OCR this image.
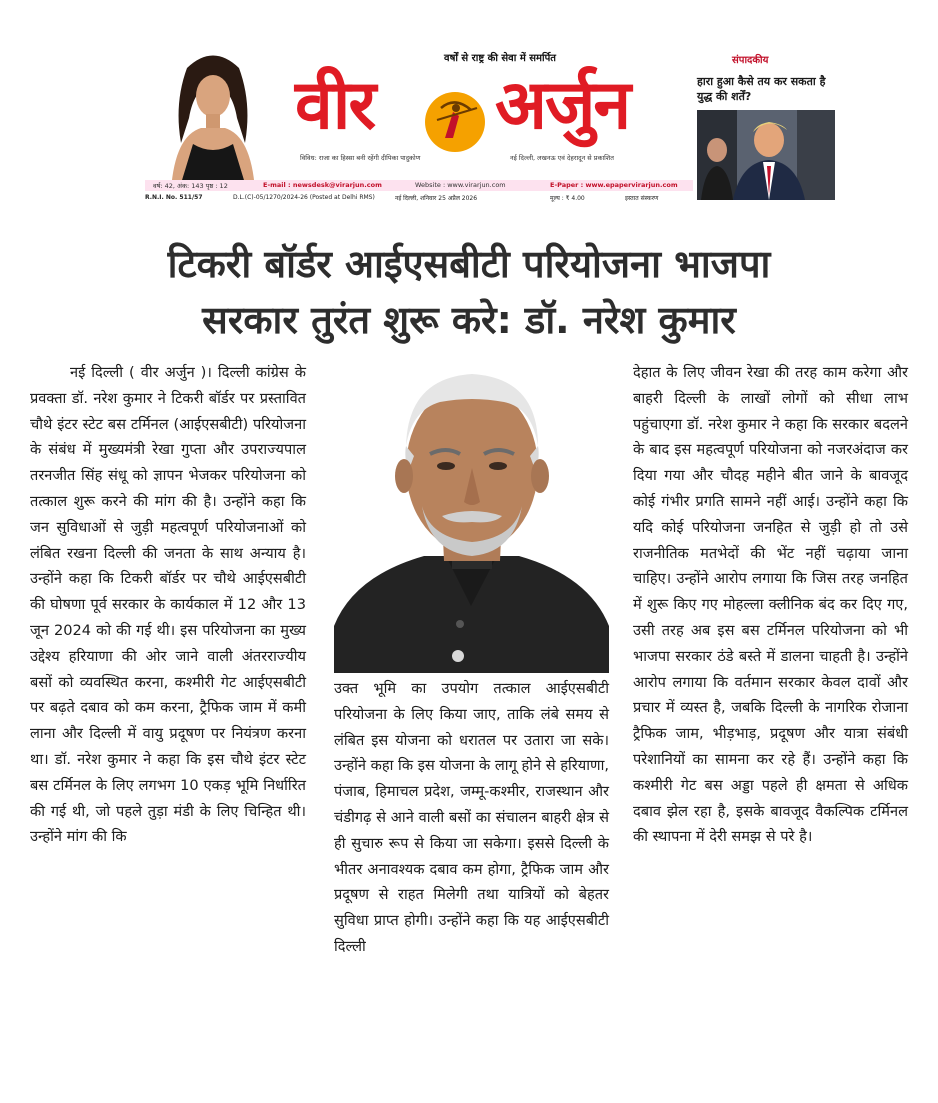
वर्षों से राष्ट्र की सेवा में समर्पित
वीर अर्जुन
संपादकीय
हारा हुआ कैसे तय कर सकता है युद्ध की शर्तें?
विविध: राजा का हिस्सा बनी रहेंगी दीपिका पादुकोण	नई दिल्ली, लखनऊ एवं देहरादून से प्रकाशित
वर्ष: 42, अंक: 143 पृष्ठ : 12	E-mail : newsdesk@virarjun.com	Website : www.virarjun.com	E-Paper : www.epapervirarjun.com
R.N.I. No. 511/57	D.L.(C)-05/1270/2024-26 (Posted at Delhi RMS)	नई दिल्ली, शनिवार 25 अप्रैल 2026	मूल्य : ₹ 4.00	इस्तात संस्करण
टिकरी बॉर्डर आईएसबीटी परियोजना भाजपा
सरकार तुरंत शुरू करे: डॉ. नरेश कुमार
नई दिल्ली ( वीर अर्जुन )। दिल्ली कांग्रेस के प्रवक्ता डॉ. नरेश कुमार ने टिकरी बॉर्डर पर प्रस्तावित चौथे इंटर स्टेट बस टर्मिनल (आईएसबीटी) परियोजना के संबंध में मुख्यमंत्री रेखा गुप्ता और उपराज्यपाल तरनजीत सिंह संधू को ज्ञापन भेजकर परियोजना को तत्काल शुरू करने की मांग की है। उन्होंने कहा कि जन सुविधाओं से जुड़ी महत्वपूर्ण परियोजनाओं को लंबित रखना दिल्ली की जनता के साथ अन्याय है। उन्होंने कहा कि टिकरी बॉर्डर पर चौथे आईएसबीटी की घोषणा पूर्व सरकार के कार्यकाल में 12 और 13 जून 2024 को की गई थी। इस परियोजना का मुख्य उद्देश्य हरियाणा की ओर जाने वाली अंतरराज्यीय बसों को व्यवस्थित करना, कश्मीरी गेट आईएसबीटी पर बढ़ते दबाव को कम करना, ट्रैफिक जाम में कमी लाना और दिल्ली में वायु प्रदूषण पर नियंत्रण करना था। डॉ. नरेश कुमार ने कहा कि इस चौथे इंटर स्टेट बस टर्मिनल के लिए लगभग 10 एकड़ भूमि निर्धारित की गई थी, जो पहले तुड़ा मंडी के लिए चिन्हित थी। उन्होंने मांग की कि
उक्त भूमि का उपयोग तत्काल आईएसबीटी परियोजना के लिए किया जाए, ताकि लंबे समय से लंबित इस योजना को धरातल पर उतारा जा सके। उन्होंने कहा कि इस योजना के लागू होने से हरियाणा, पंजाब, हिमाचल प्रदेश, जम्मू-कश्मीर, राजस्थान और चंडीगढ़ से आने वाली बसों का संचालन बाहरी क्षेत्र से ही सुचारु रूप से किया जा सकेगा। इससे दिल्ली के भीतर अनावश्यक दबाव कम होगा, ट्रैफिक जाम और प्रदूषण से राहत मिलेगी तथा यात्रियों को बेहतर सुविधा प्राप्त होगी। उन्होंने कहा कि यह आईएसबीटी दिल्ली
देहात के लिए जीवन रेखा की तरह काम करेगा और बाहरी दिल्ली के लाखों लोगों को सीधा लाभ पहुंचाएगा डॉ. नरेश कुमार ने कहा कि सरकार बदलने के बाद इस महत्वपूर्ण परियोजना को नजरअंदाज कर दिया गया और चौदह महीने बीत जाने के बावजूद कोई गंभीर प्रगति सामने नहीं आई। उन्होंने कहा कि यदि कोई परियोजना जनहित से जुड़ी हो तो उसे राजनीतिक मतभेदों की भेंट नहीं चढ़ाया जाना चाहिए। उन्होंने आरोप लगाया कि जिस तरह जनहित में शुरू किए गए मोहल्ला क्लीनिक बंद कर दिए गए, उसी तरह अब इस बस टर्मिनल परियोजना को भी भाजपा सरकार ठंडे बस्ते में डालना चाहती है। उन्होंने आरोप लगाया कि वर्तमान सरकार केवल दावों और प्रचार में व्यस्त है, जबकि दिल्ली के नागरिक रोजाना ट्रैफिक जाम, भीड़भाड़, प्रदूषण और यात्रा संबंधी परेशानियों का सामना कर रहे हैं। उन्होंने कहा कि कश्मीरी गेट बस अड्डा पहले ही क्षमता से अधिक दबाव झेल रहा है, इसके बावजूद वैकल्पिक टर्मिनल की स्थापना में देरी समझ से परे है।
